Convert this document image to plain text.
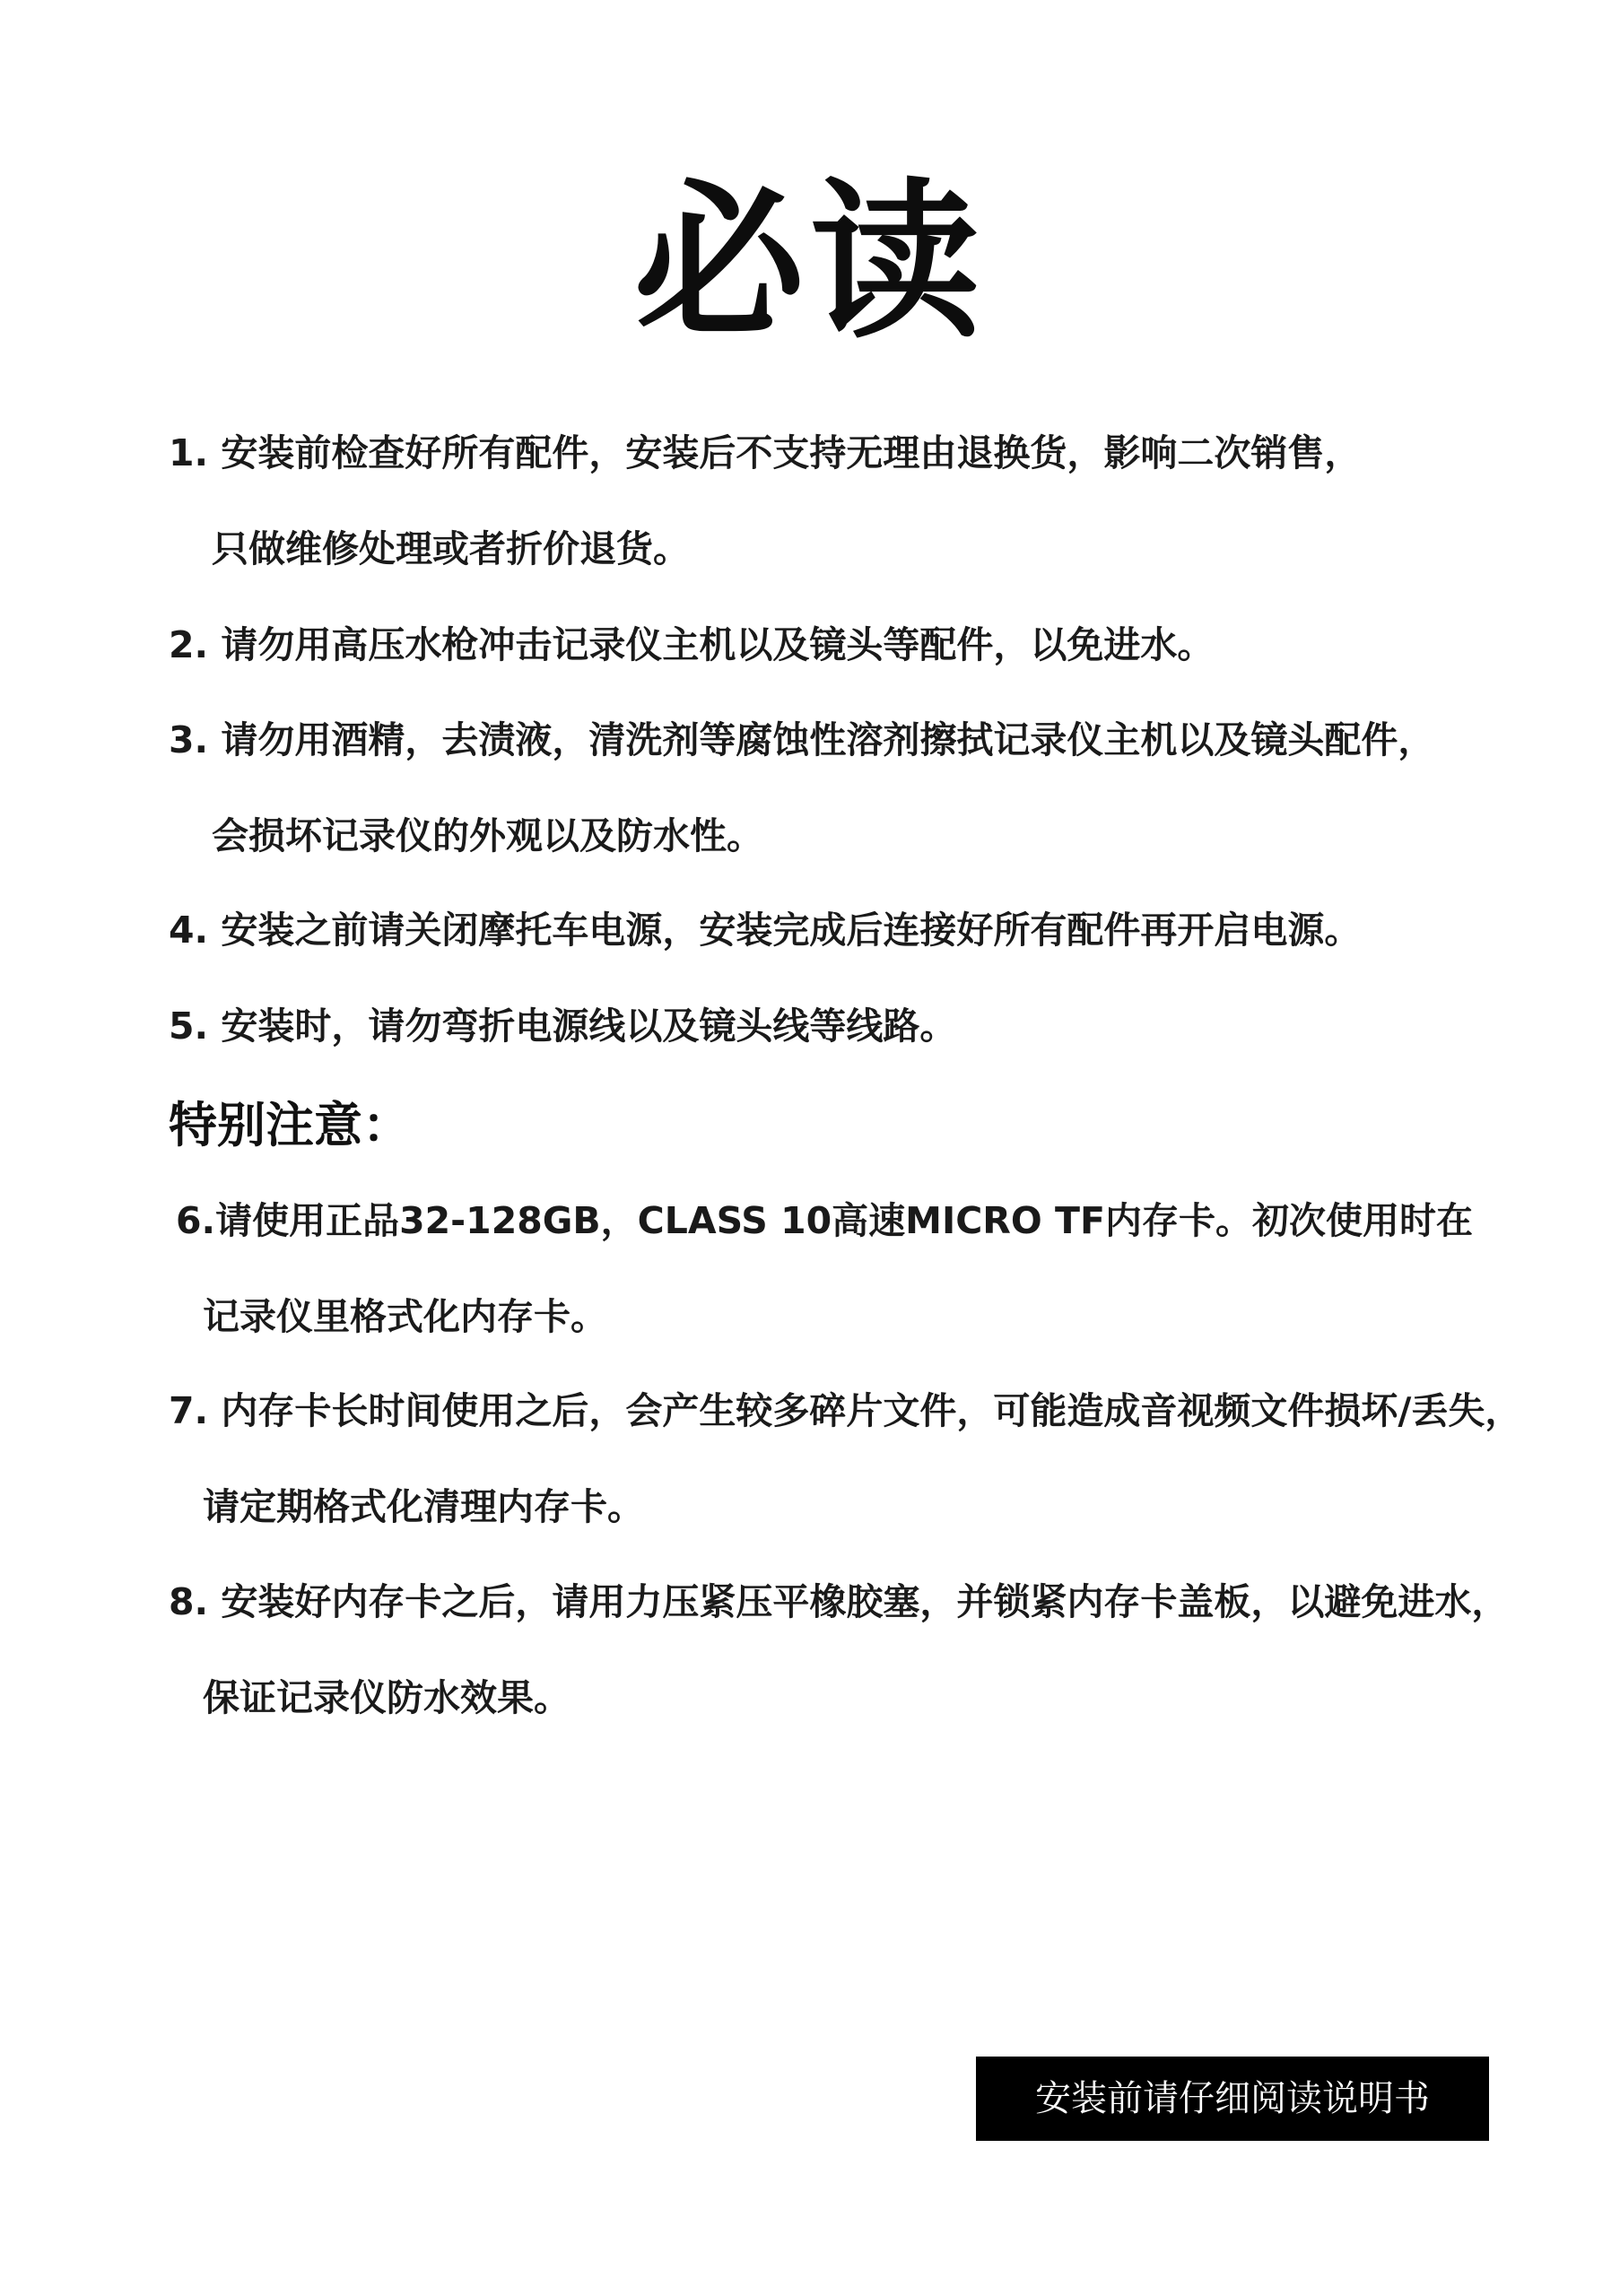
必读
1. 安装前检查好所有配件，安装后不支持无理由退换货，影响二次销售，
只做维修处理或者折价退货。
2. 请勿用高压水枪冲击记录仪主机以及镜头等配件，以免进水。
3. 请勿用酒精，去渍液，清洗剂等腐蚀性溶剂擦拭记录仪主机以及镜头配件，
会损坏记录仪的外观以及防水性。
4. 安装之前请关闭摩托车电源，安装完成后连接好所有配件再开启电源。
5. 安装时，请勿弯折电源线以及镜头线等线路。
特别注意：
6.请使用正品32-128GB，CLASS 10高速MICRO TF内存卡。初次使用时在
记录仪里格式化内存卡。
7. 内存卡长时间使用之后，会产生较多碎片文件，可能造成音视频文件损坏/丢失，
请定期格式化清理内存卡。
8. 安装好内存卡之后，请用力压紧压平橡胶塞，并锁紧内存卡盖板，以避免进水，
保证记录仪防水效果。
安装前请仔细阅读说明书
